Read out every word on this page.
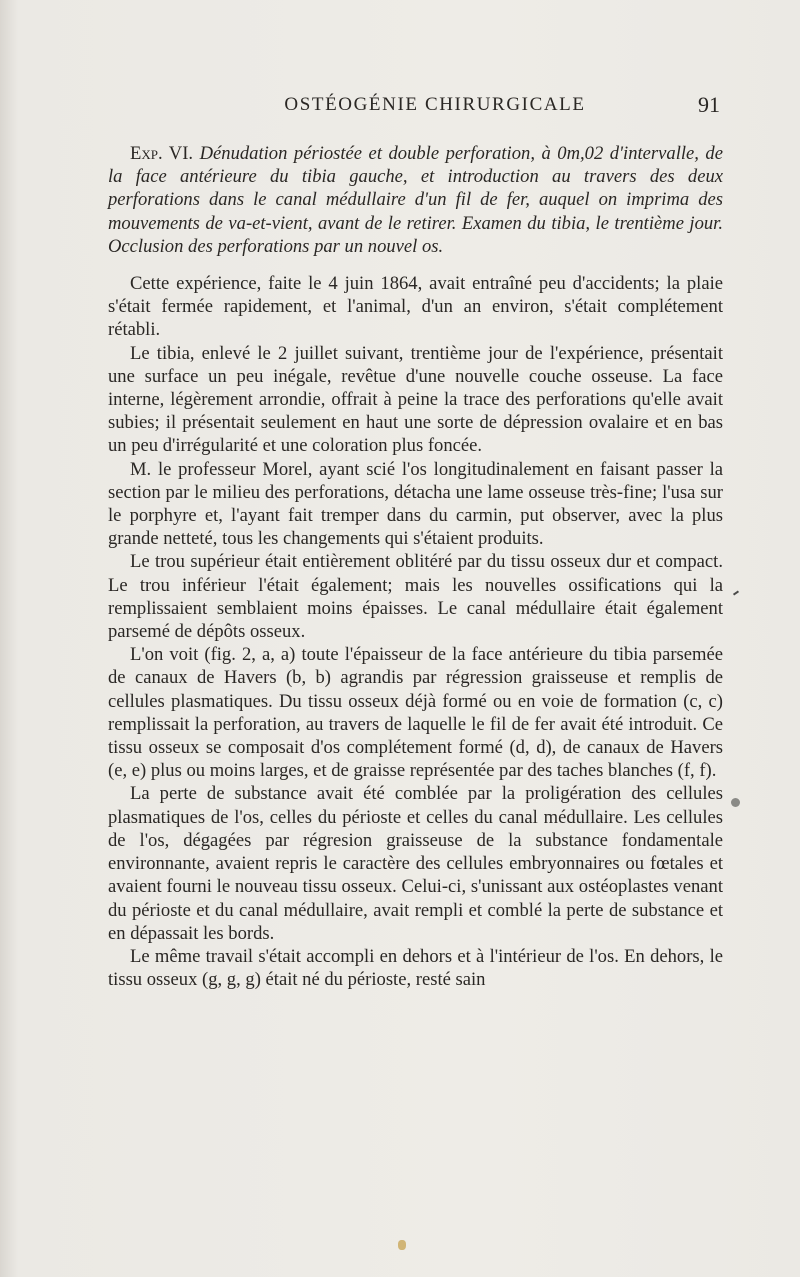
OSTÉOGÉNIE CHIRURGICALE	91

Exp. VI. Dénudation périostée et double perforation, à 0m,02 d'intervalle, de la face antérieure du tibia gauche, et introduction au travers des deux perforations dans le canal médullaire d'un fil de fer, auquel on imprima des mouvements de va-et-vient, avant de le retirer. Examen du tibia, le trentième jour. Occlusion des perforations par un nouvel os.

Cette expérience, faite le 4 juin 1864, avait entraîné peu d'accidents; la plaie s'était fermée rapidement, et l'animal, d'un an environ, s'était complétement rétabli.

Le tibia, enlevé le 2 juillet suivant, trentième jour de l'expérience, présentait une surface un peu inégale, revêtue d'une nouvelle couche osseuse. La face interne, légèrement arrondie, offrait à peine la trace des perforations qu'elle avait subies; il présentait seulement en haut une sorte de dépression ovalaire et en bas un peu d'irrégularité et une coloration plus foncée.

M. le professeur Morel, ayant scié l'os longitudinalement en faisant passer la section par le milieu des perforations, détacha une lame osseuse très-fine; l'usa sur le porphyre et, l'ayant fait tremper dans du carmin, put observer, avec la plus grande netteté, tous les changements qui s'étaient produits.

Le trou supérieur était entièrement oblitéré par du tissu osseux dur et compact. Le trou inférieur l'était également; mais les nouvelles ossifications qui la remplissaient semblaient moins épaisses. Le canal médullaire était également parsemé de dépôts osseux.

L'on voit (fig. 2, a, a) toute l'épaisseur de la face antérieure du tibia parsemée de canaux de Havers (b, b) agrandis par régression graisseuse et remplis de cellules plasmatiques. Du tissu osseux déjà formé ou en voie de formation (c, c) remplissait la perforation, au travers de laquelle le fil de fer avait été introduit. Ce tissu osseux se composait d'os complétement formé (d, d), de canaux de Havers (e, e) plus ou moins larges, et de graisse représentée par des taches blanches (f, f).

La perte de substance avait été comblée par la proligération des cellules plasmatiques de l'os, celles du périoste et celles du canal médullaire. Les cellules de l'os, dégagées par régresion graisseuse de la substance fondamentale environnante, avaient repris le caractère des cellules embryonnaires ou fœtales et avaient fourni le nouveau tissu osseux. Celui-ci, s'unissant aux ostéoplastes venant du périoste et du canal médullaire, avait rempli et comblé la perte de substance et en dépassait les bords.

Le même travail s'était accompli en dehors et à l'intérieur de l'os. En dehors, le tissu osseux (g, g, g) était né du périoste, resté sain
